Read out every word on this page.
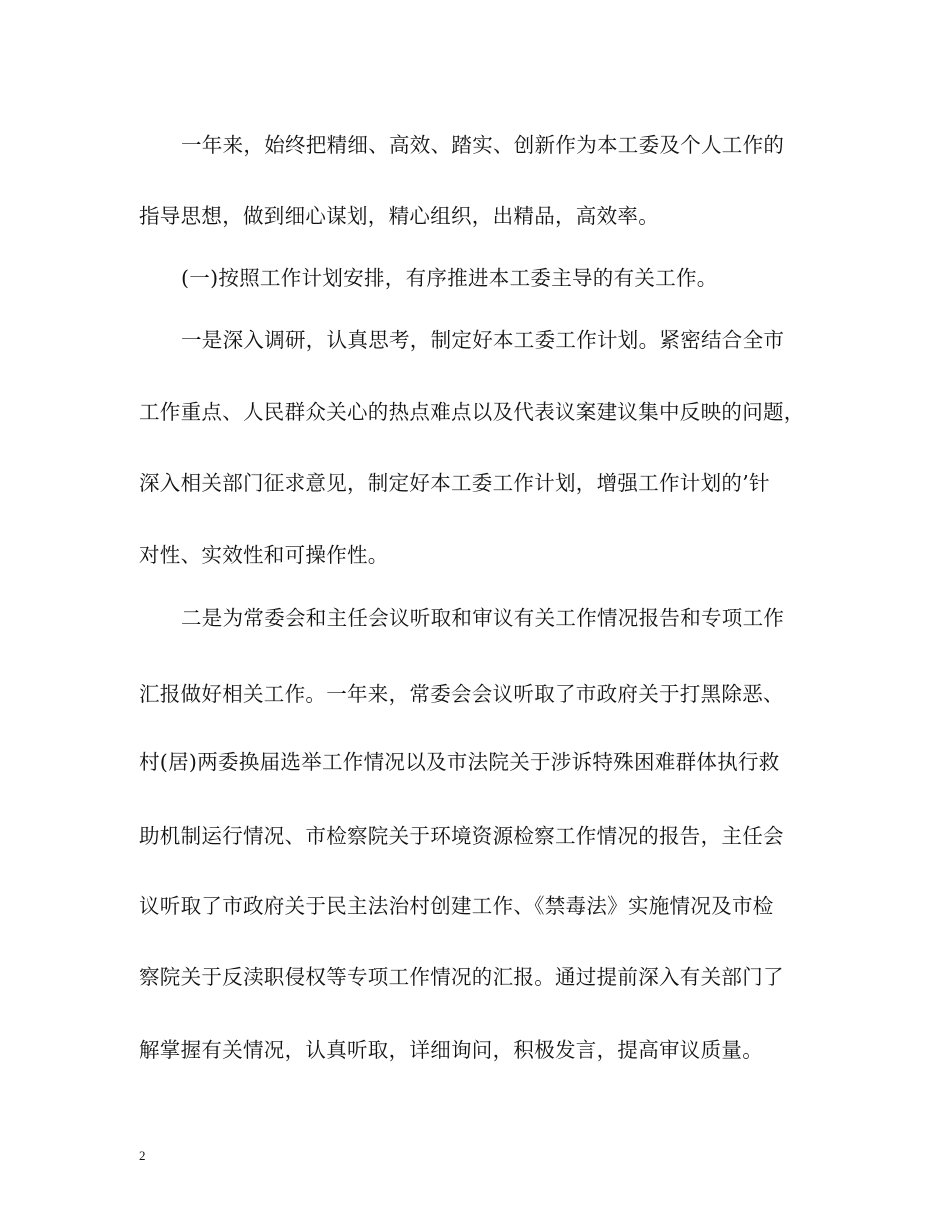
一年来，始终把精细、高效、踏实、创新作为本工委及个人工作的
指导思想，做到细心谋划，精心组织，出精品，高效率。
(一)按照工作计划安排，有序推进本工委主导的有关工作。
一是深入调研，认真思考，制定好本工委工作计划。紧密结合全市
工作重点、人民群众关心的热点难点以及代表议案建议集中反映的问题，
深入相关部门征求意见，制定好本工委工作计划，增强工作计划的’针
对性、实效性和可操作性。
二是为常委会和主任会议听取和审议有关工作情况报告和专项工作
汇报做好相关工作。一年来，常委会会议听取了市政府关于打黑除恶、
村(居)两委换届选举工作情况以及市法院关于涉诉特殊困难群体执行救
助机制运行情况、市检察院关于环境资源检察工作情况的报告，主任会
议听取了市政府关于民主法治村创建工作、《禁毒法》实施情况及市检
察院关于反渎职侵权等专项工作情况的汇报。通过提前深入有关部门了
解掌握有关情况，认真听取，详细询问，积极发言，提高审议质量。
2
